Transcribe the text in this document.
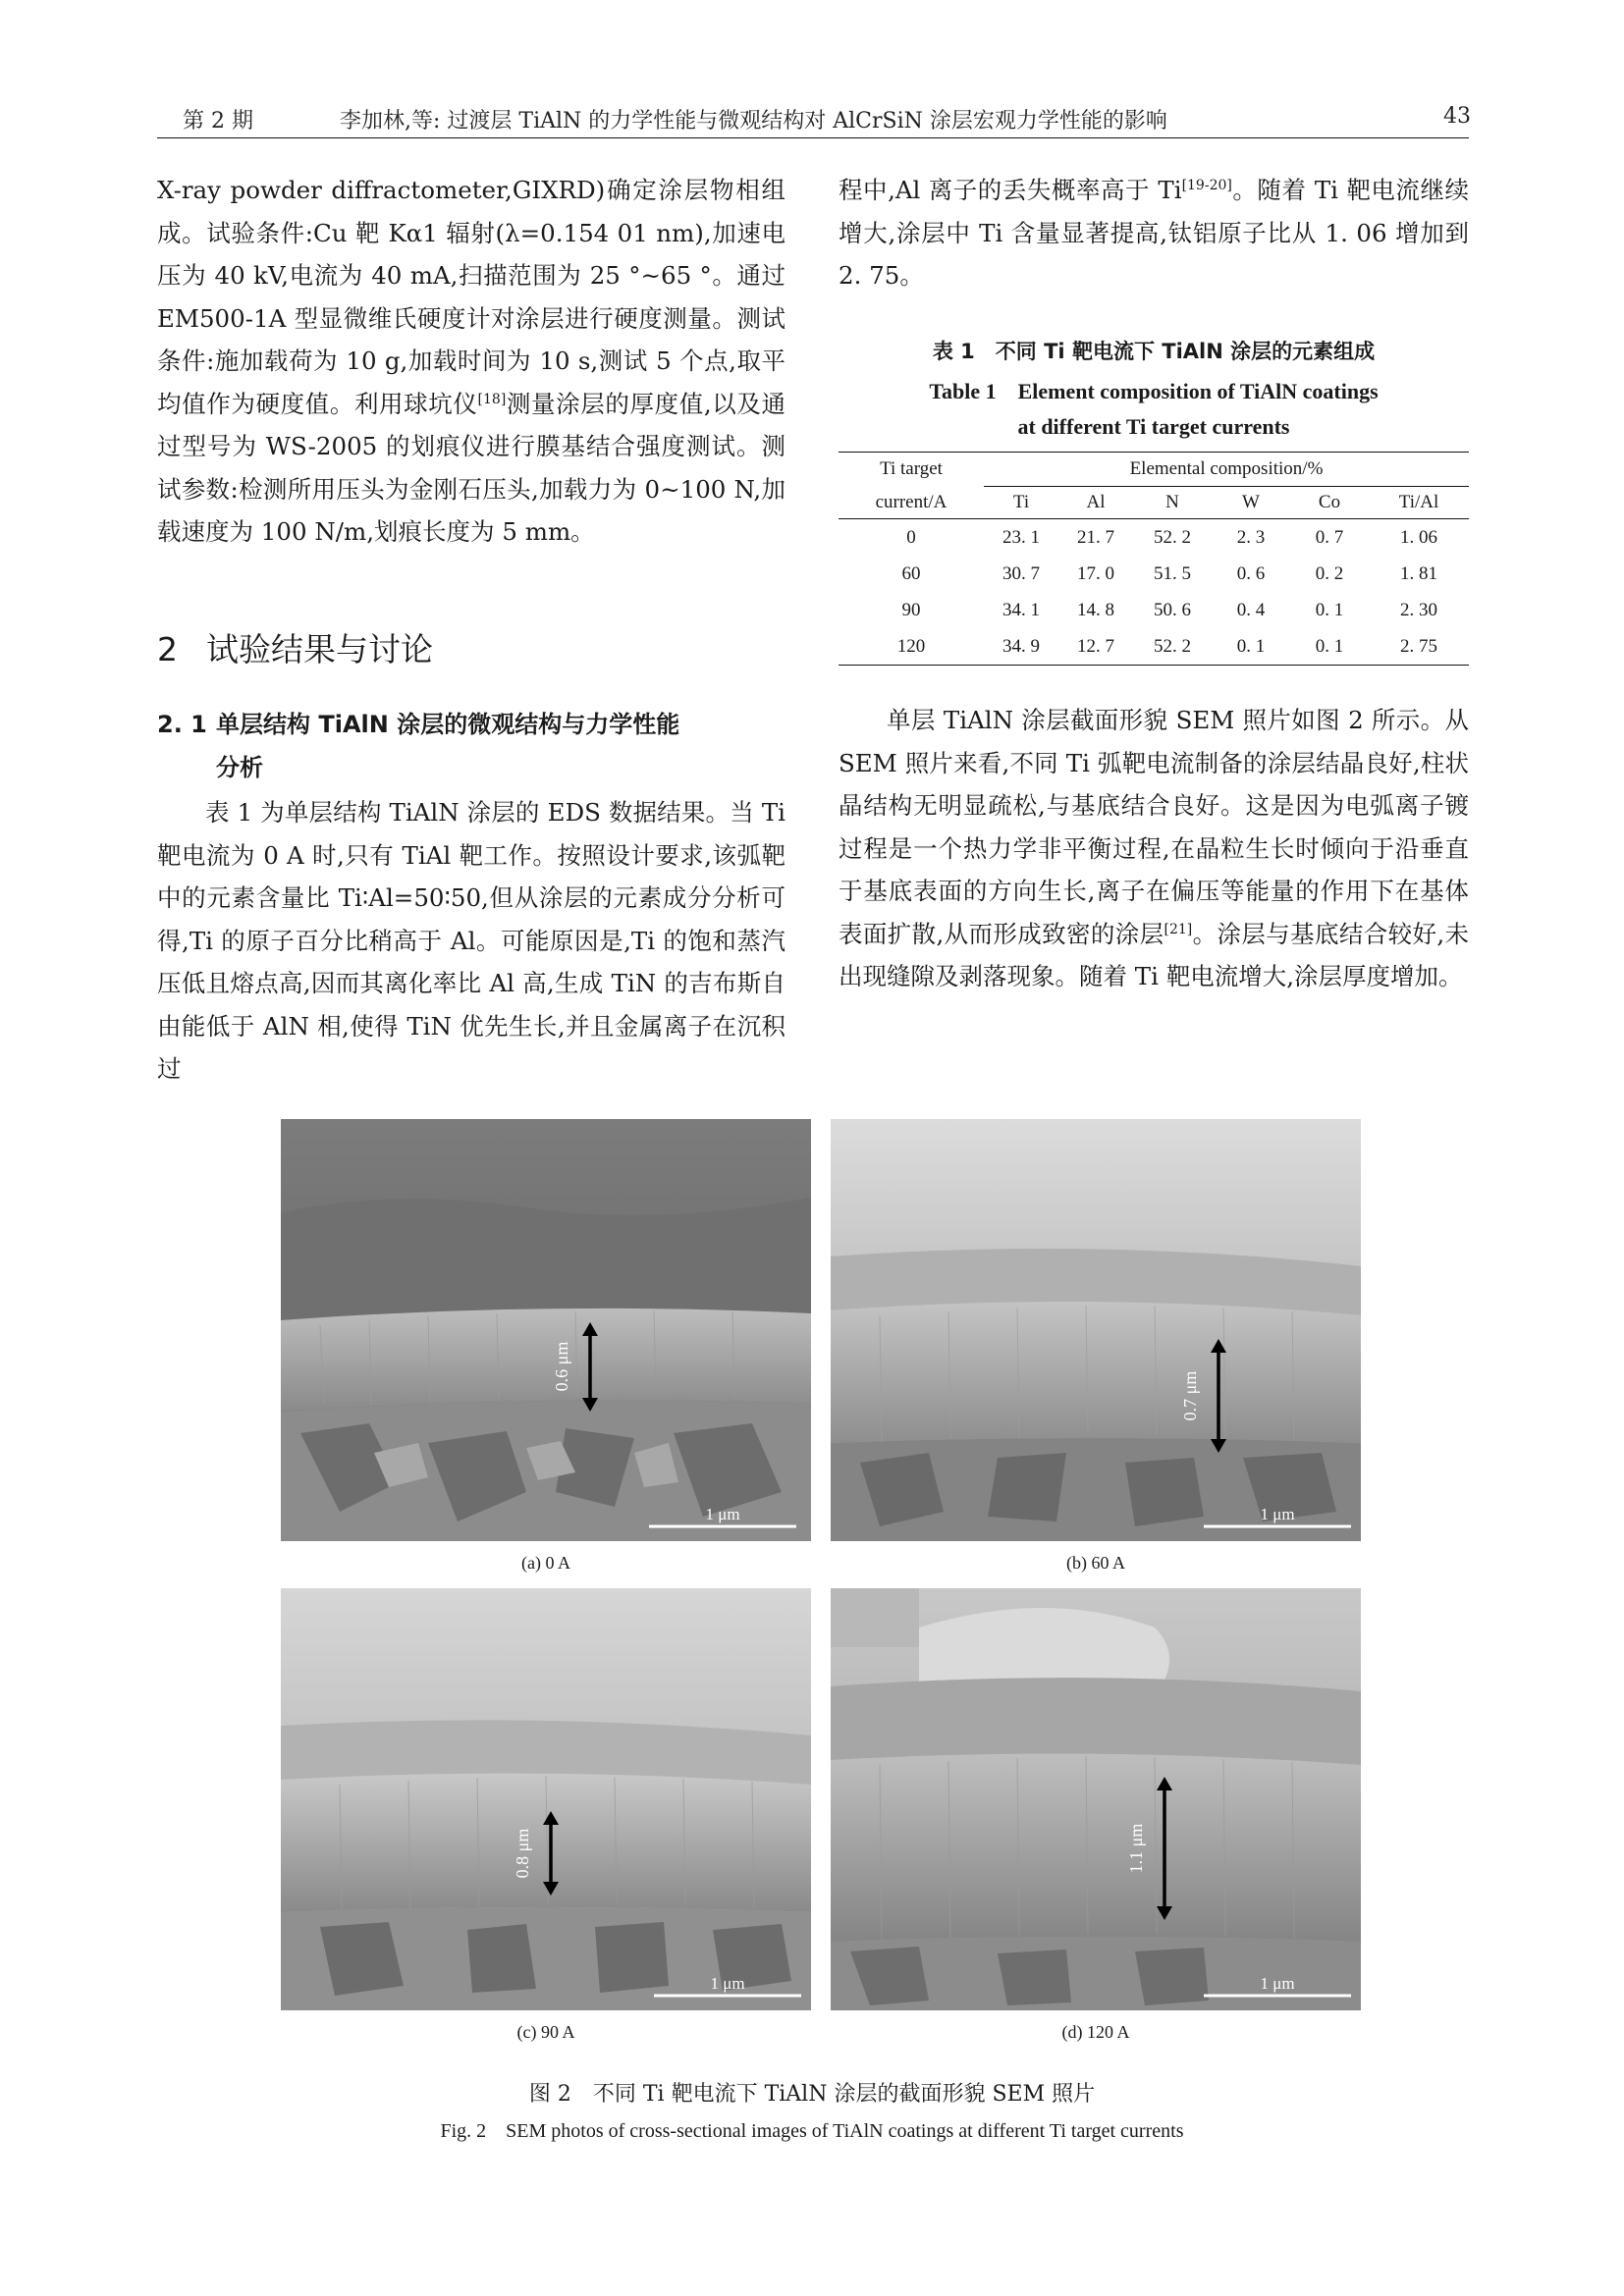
第 2 期	李加林,等: 过渡层 TiAlN 的力学性能与微观结构对 AlCrSiN 涂层宏观力学性能的影响	43

X-ray powder diffractometer,GIXRD)确定涂层物相组成。试验条件:Cu 靶 Kα1 辐射(λ=0.154 01 nm),加速电压为 40 kV,电流为 40 mA,扫描范围为 25 °~65 °。通过 EM500-1A 型显微维氏硬度计对涂层进行硬度测量。测试条件:施加载荷为 10 g,加载时间为 10 s,测试 5 个点,取平均值作为硬度值。利用球坑仪[18]测量涂层的厚度值,以及通过型号为 WS-2005 的划痕仪进行膜基结合强度测试。测试参数:检测所用压头为金刚石压头,加载力为 0~100 N,加载速度为 100 N/m,划痕长度为 5 mm。

2 试验结果与讨论
2. 1 单层结构 TiAlN 涂层的微观结构与力学性能
分析

表 1 为单层结构 TiAlN 涂层的 EDS 数据结果。当 Ti 靶电流为 0 A 时,只有 TiAl 靶工作。按照设计要求,该弧靶中的元素含量比 Ti∶Al=50∶50,但从涂层的元素成分分析可得,Ti 的原子百分比稍高于 Al。可能原因是,Ti 的饱和蒸汽压低且熔点高,因而其离化率比 Al 高,生成 TiN 的吉布斯自由能低于 AlN 相,使得 TiN 优先生长,并且金属离子在沉积过

程中,Al 离子的丢失概率高于 Ti[19-20]。随着 Ti 靶电流继续增大,涂层中 Ti 含量显著提高,钛铝原子比从 1. 06 增加到 2. 75。

表 1　不同 Ti 靶电流下 TiAlN 涂层的元素组成
Table 1　Element composition of TiAlN coatings
at different Ti target currents
Ti target	Elemental composition/%					
current/A	Ti	Al	N	W	Co	Ti/Al
0	23. 1	21. 7	52. 2	2. 3	0. 7	1. 06
60	30. 7	17. 0	51. 5	0. 6	0. 2	1. 81
90	34. 1	14. 8	50. 6	0. 4	0. 1	2. 30
120	34. 9	12. 7	52. 2	0. 1	0. 1	2. 75

单层 TiAlN 涂层截面形貌 SEM 照片如图 2 所示。从 SEM 照片来看,不同 Ti 弧靶电流制备的涂层结晶良好,柱状晶结构无明显疏松,与基底结合良好。这是因为电弧离子镀过程是一个热力学非平衡过程,在晶粒生长时倾向于沿垂直于基底表面的方向生长,离子在偏压等能量的作用下在基体表面扩散,从而形成致密的涂层[21]。涂层与基底结合较好,未出现缝隙及剥落现象。随着 Ti 靶电流增大,涂层厚度增加。

0.6 μm
1 μm
(a) 0 A
0.7 μm
1 μm
(b) 60 A
0.8 μm
1 μm
(c) 90 A
1.1 μm
1 μm
(d) 120 A
图 2　不同 Ti 靶电流下 TiAlN 涂层的截面形貌 SEM 照片
Fig. 2　SEM photos of cross-sectional images of TiAlN coatings at different Ti target currents
